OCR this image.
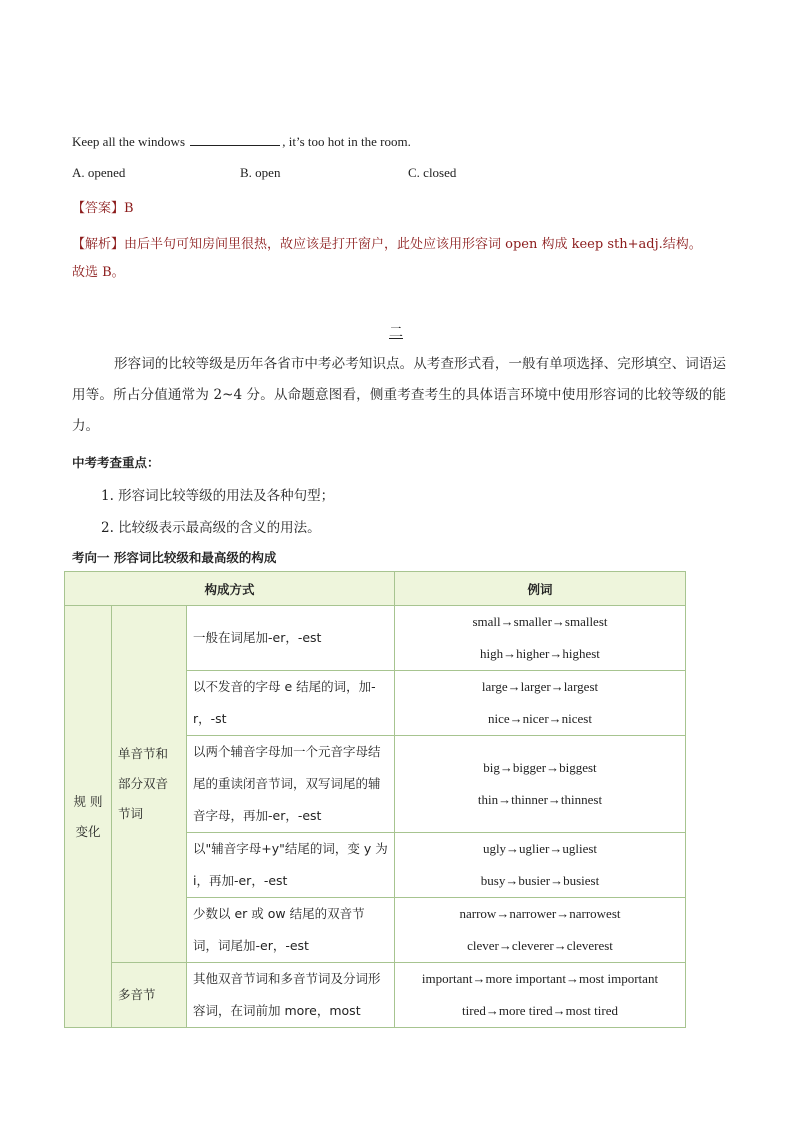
Keep all the windows	, it’s too hot in the room.
A. opened	B. open	C. closed
【答案】B
【解析】由后半句可知房间里很热，故应该是打开窗户，此处应该用形容词 open 构成 keep sth+adj.结构。
故选 B。
二
形容词的比较等级是历年各省市中考必考知识点。从考查形式看，一般有单项选择、完形填空、词语运用等。所占分值通常为 2~4 分。从命题意图看，侧重考查考生的具体语言环境中使用形容词的比较等级的能力。
中考考查重点：
1. 形容词比较等级的用法及各种句型；
2. 比较级表示最高级的含义的用法。
考向一 形容词比较级和最高级的构成
构成方式			例词
规 则
变化	单音节和部分双音节词	一般在词尾加-er，-est	small→smaller→smallest
high→higher→highest

		以不发音的字母 e 结尾的词，加-r，-st	large→larger→largest
nice→nicer→nicest

		以两个辅音字母加一个元音字母结尾的重读闭音节词，双写词尾的辅音字母，再加-er，-est	big→bigger→biggest
thin→thinner→thinnest

		以"辅音字母+y"结尾的词，变 y 为 i，再加-er，-est	ugly→uglier→ugliest
busy→busier→busiest

		少数以 er 或 ow 结尾的双音节词，词尾加-er，-est	narrow→narrower→narrowest
clever→cleverer→cleverest

	多音节	其他双音节词和多音节词及分词形容词，在词前加 more，most	important→more important→most important
tired→more tired→most tired
